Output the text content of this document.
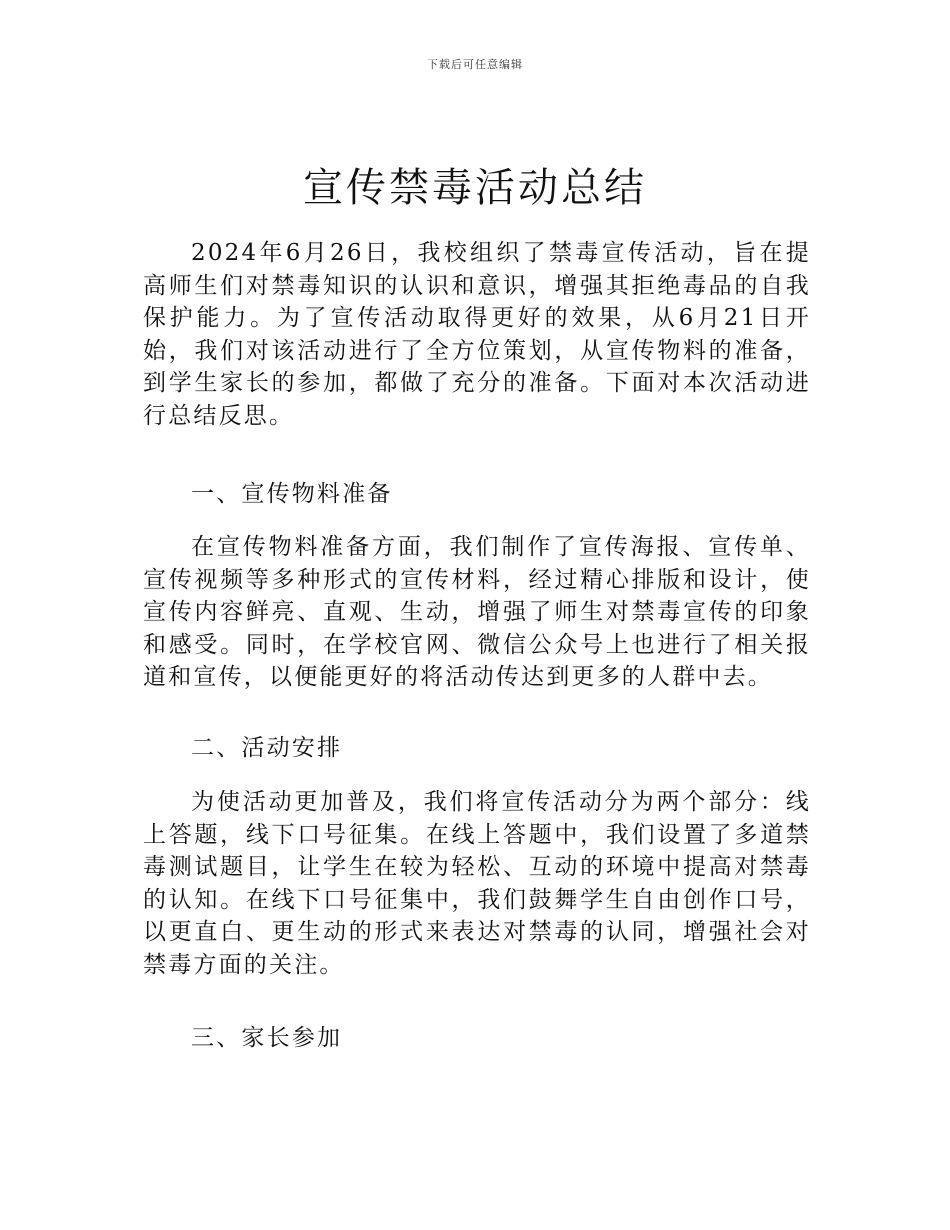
下载后可任意编辑
宣传禁毒活动总结

2024年6月26日，我校组织了禁毒宣传活动，旨在提高师生们对禁毒知识的认识和意识，增强其拒绝毒品的自我保护能力。为了宣传活动取得更好的效果，从6月21日开始，我们对该活动进行了全方位策划，从宣传物料的准备，到学生家长的参加，都做了充分的准备。下面对本次活动进行总结反思。

一、宣传物料准备

在宣传物料准备方面，我们制作了宣传海报、宣传单、宣传视频等多种形式的宣传材料，经过精心排版和设计，使宣传内容鲜亮、直观、生动，增强了师生对禁毒宣传的印象和感受。同时，在学校官网、微信公众号上也进行了相关报道和宣传，以便能更好的将活动传达到更多的人群中去。

二、活动安排

为使活动更加普及，我们将宣传活动分为两个部分：线上答题，线下口号征集。在线上答题中，我们设置了多道禁毒测试题目，让学生在较为轻松、互动的环境中提高对禁毒的认知。在线下口号征集中，我们鼓舞学生自由创作口号，以更直白、更生动的形式来表达对禁毒的认同，增强社会对禁毒方面的关注。

三、家长参加
